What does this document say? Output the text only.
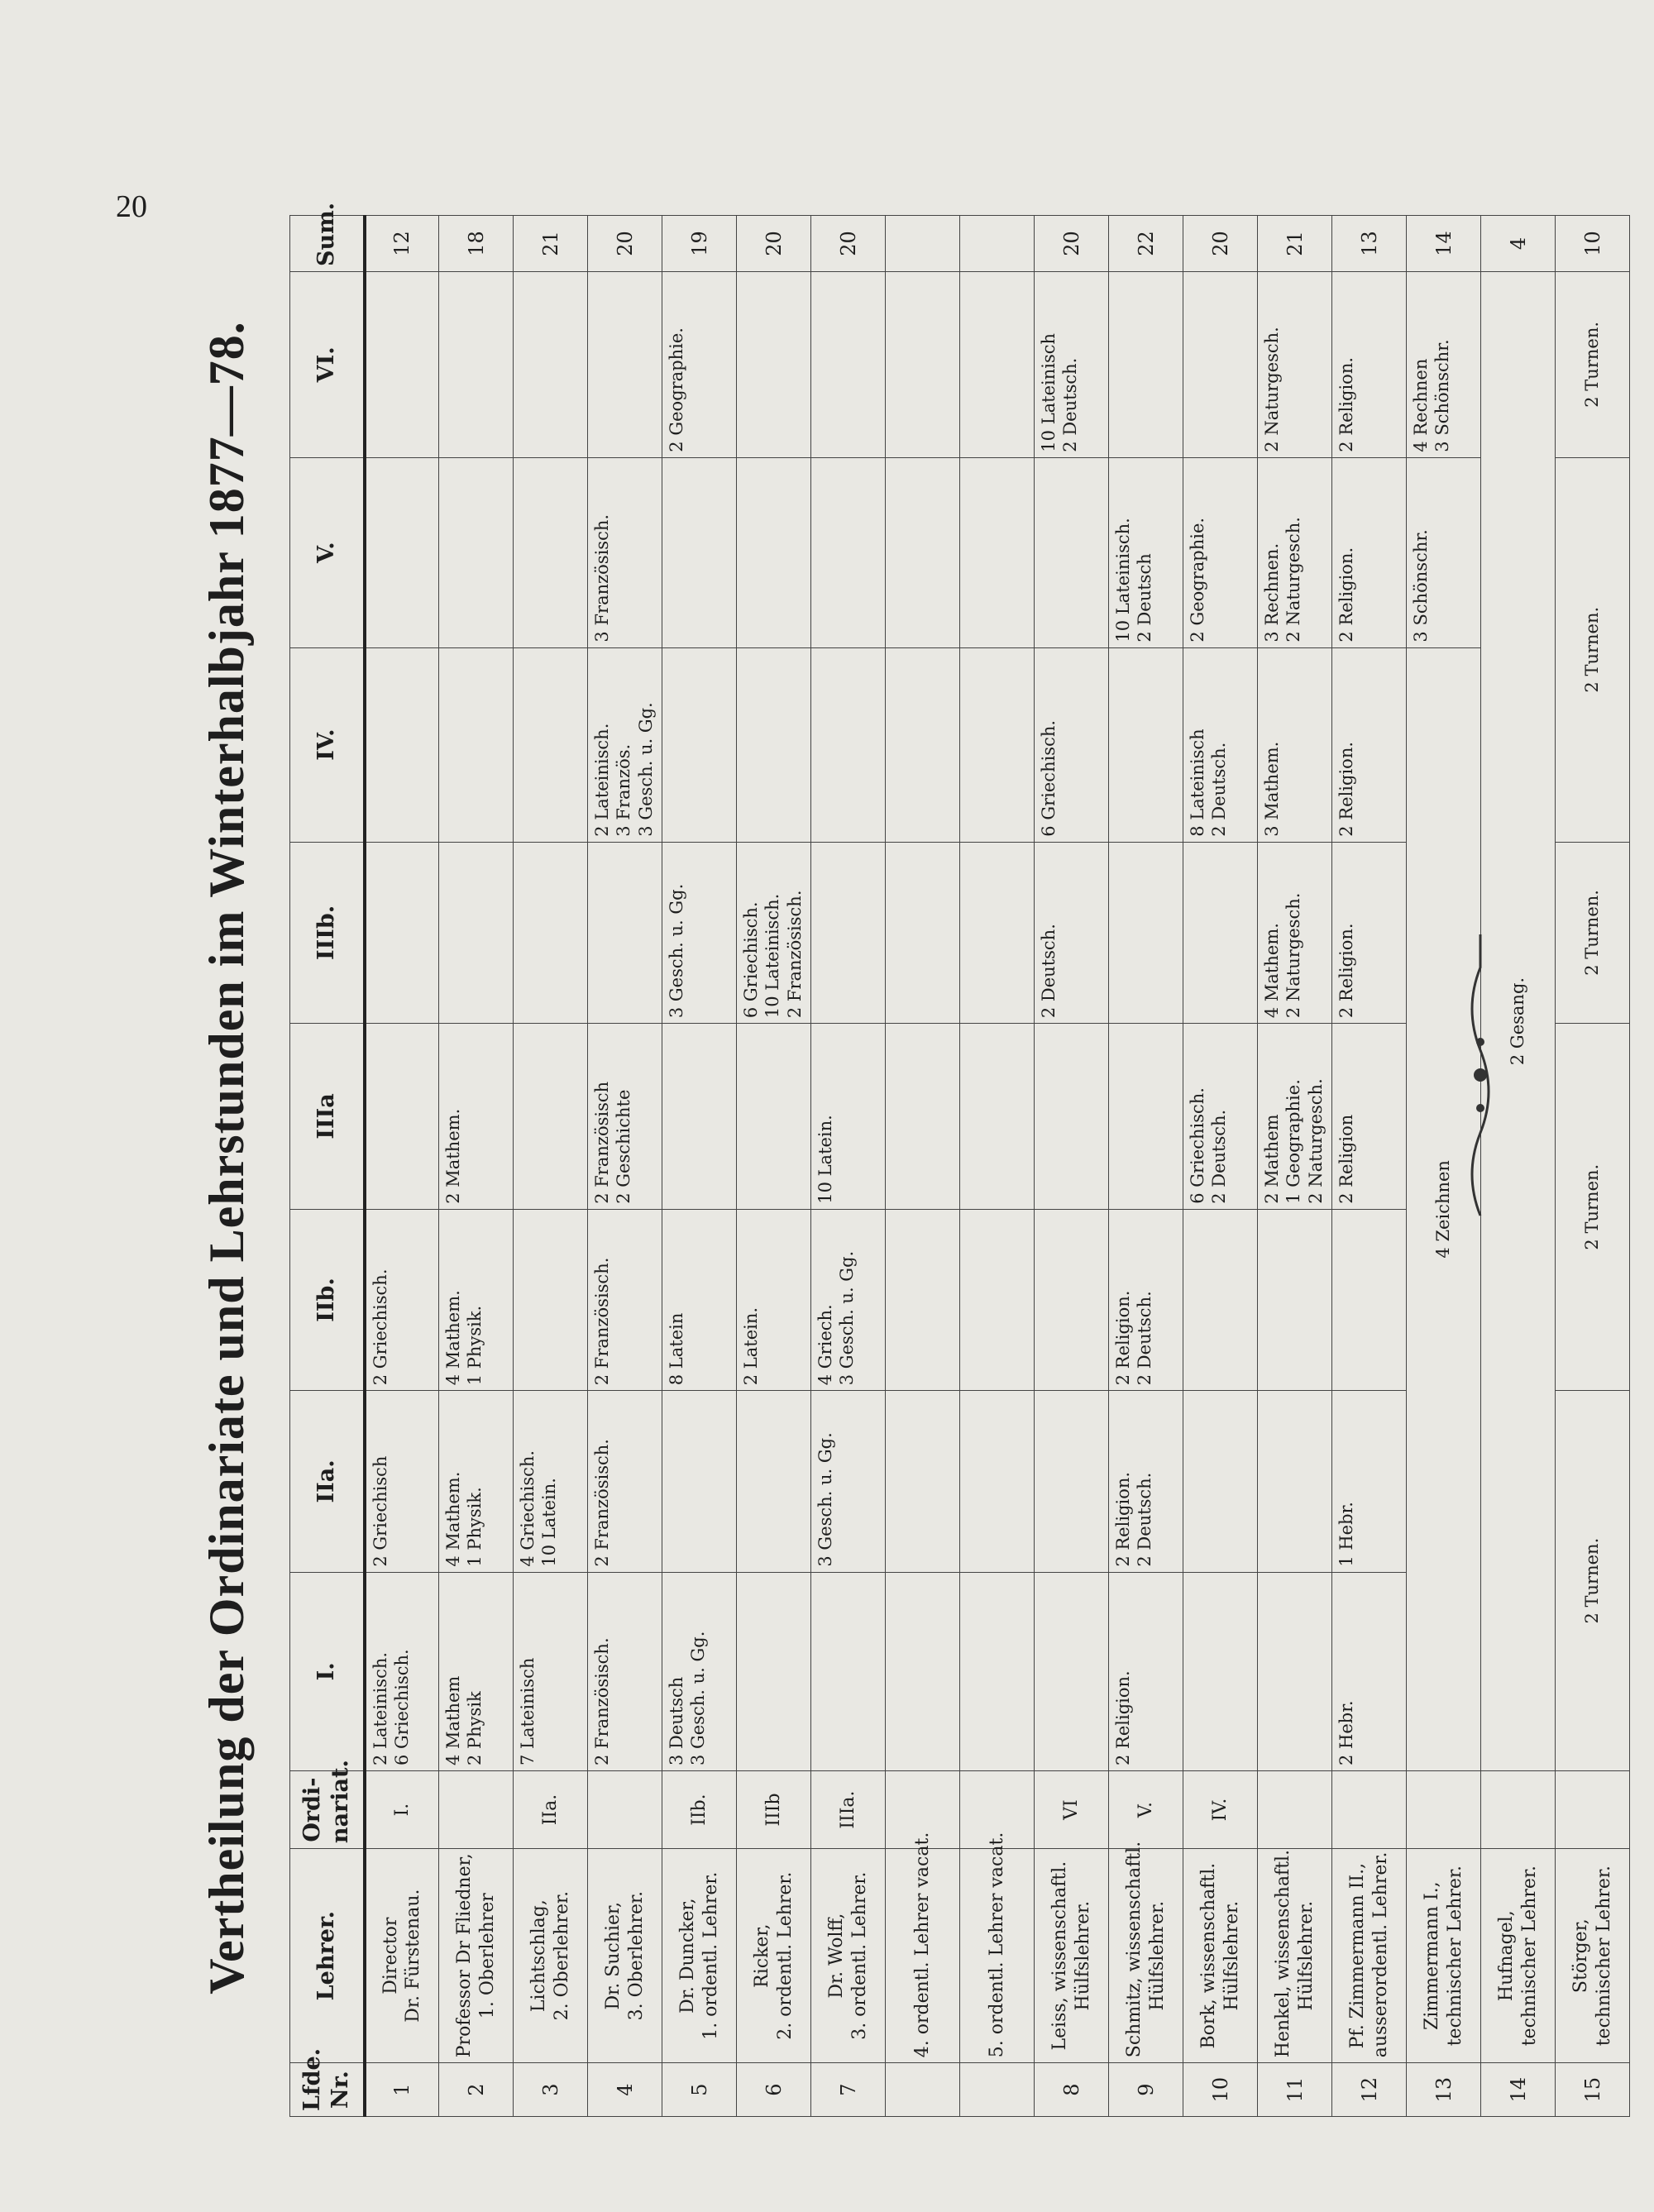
20
Vertheilung der Ordinariate und Lehrstunden im Winterhalbjahr 1877—78.
Lfde. Nr.	Lehrer.	Ordi-nariat.	I.	IIa.	IIb.	IIIa	IIIb.	IV.	V.	VI.	Sum.
1	Director Dr. Fürstenau.	I.	2 Lateinisch. 6 Griechisch.	2 Griechisch	2 Griechisch.						12
2	Professor Dr Fliedner, 1. Oberlehrer		4 Mathem 2 Physik	4 Mathem. 1 Physik.	4 Mathem. 1 Physik.	2 Mathem.					18
3	Lichtschlag, 2. Oberlehrer.	IIa.	7 Lateinisch	4 Griechisch. 10 Latein.							21
4	Dr. Suchier, 3. Oberlehrer.		2 Französisch.	2 Französisch.	2 Französisch.	2 Französisch 2 Geschichte		2 Lateinisch. 3 Französ. 3 Gesch. u. Gg.	3 Französisch.		20
5	Dr. Duncker, 1. ordentl. Lehrer.	IIb.	3 Deutsch 3 Gesch. u. Gg.		8 Latein		3 Gesch. u. Gg.			2 Geographie.	19
6	Ricker, 2. ordentl. Lehrer.	IIIb			2 Latein.		6 Griechisch. 10 Lateinisch. 2 Französisch.				20
7	Dr. Wolff, 3. ordentl. Lehrer.	IIIa.		3 Gesch. u. Gg.	4 Griech. 3 Gesch. u. Gg.	10 Latein.					20

	4. ordentl. Lehrer vacat.										

	5. ordentl. Lehrer vacat.										

8	Leiss, wissenschaftl. Hülfslehrer.	VI					2 Deutsch.	6 Griechisch.		10 Lateinisch 2 Deutsch.	20
9	Schmitz, wissenschaftl. Hülfslehrer.	V.	2 Religion.	2 Religion. 2 Deutsch.	2 Religion. 2 Deutsch.				10 Lateinisch. 2 Deutsch		22
10	Bork, wissenschaftl. Hülfslehrer.	IV.				6 Griechisch. 2 Deutsch.		8 Lateinisch 2 Deutsch.	2 Geographie.		20
11	Henkel, wissenschaftl. Hülfslehrer.					2 Mathem 1 Geographie. 2 Naturgesch.	4 Mathem. 2 Naturgesch.	3 Mathem.	3 Rechnen. 2 Naturgesch.	2 Naturgesch.	21
12	Pf. Zimmermann II., ausserordentl. Lehrer.		2 Hebr.	1 Hebr.		2 Religion	2 Religion.	2 Religion.	2 Religion.	2 Religion.	13
13	Zimmermann I., technischer Lehrer.		4 Zeichnen						3 Schönschr.	4 Rechnen 3 Schönschr.	14
14	Hufnagel, technischer Lehrer.		2 Gesang.								4
15	Störger, technischer Lehrer.		2 Turnen.		2 Turnen.		2 Turnen.	2 Turnen.		2 Turnen.	10
